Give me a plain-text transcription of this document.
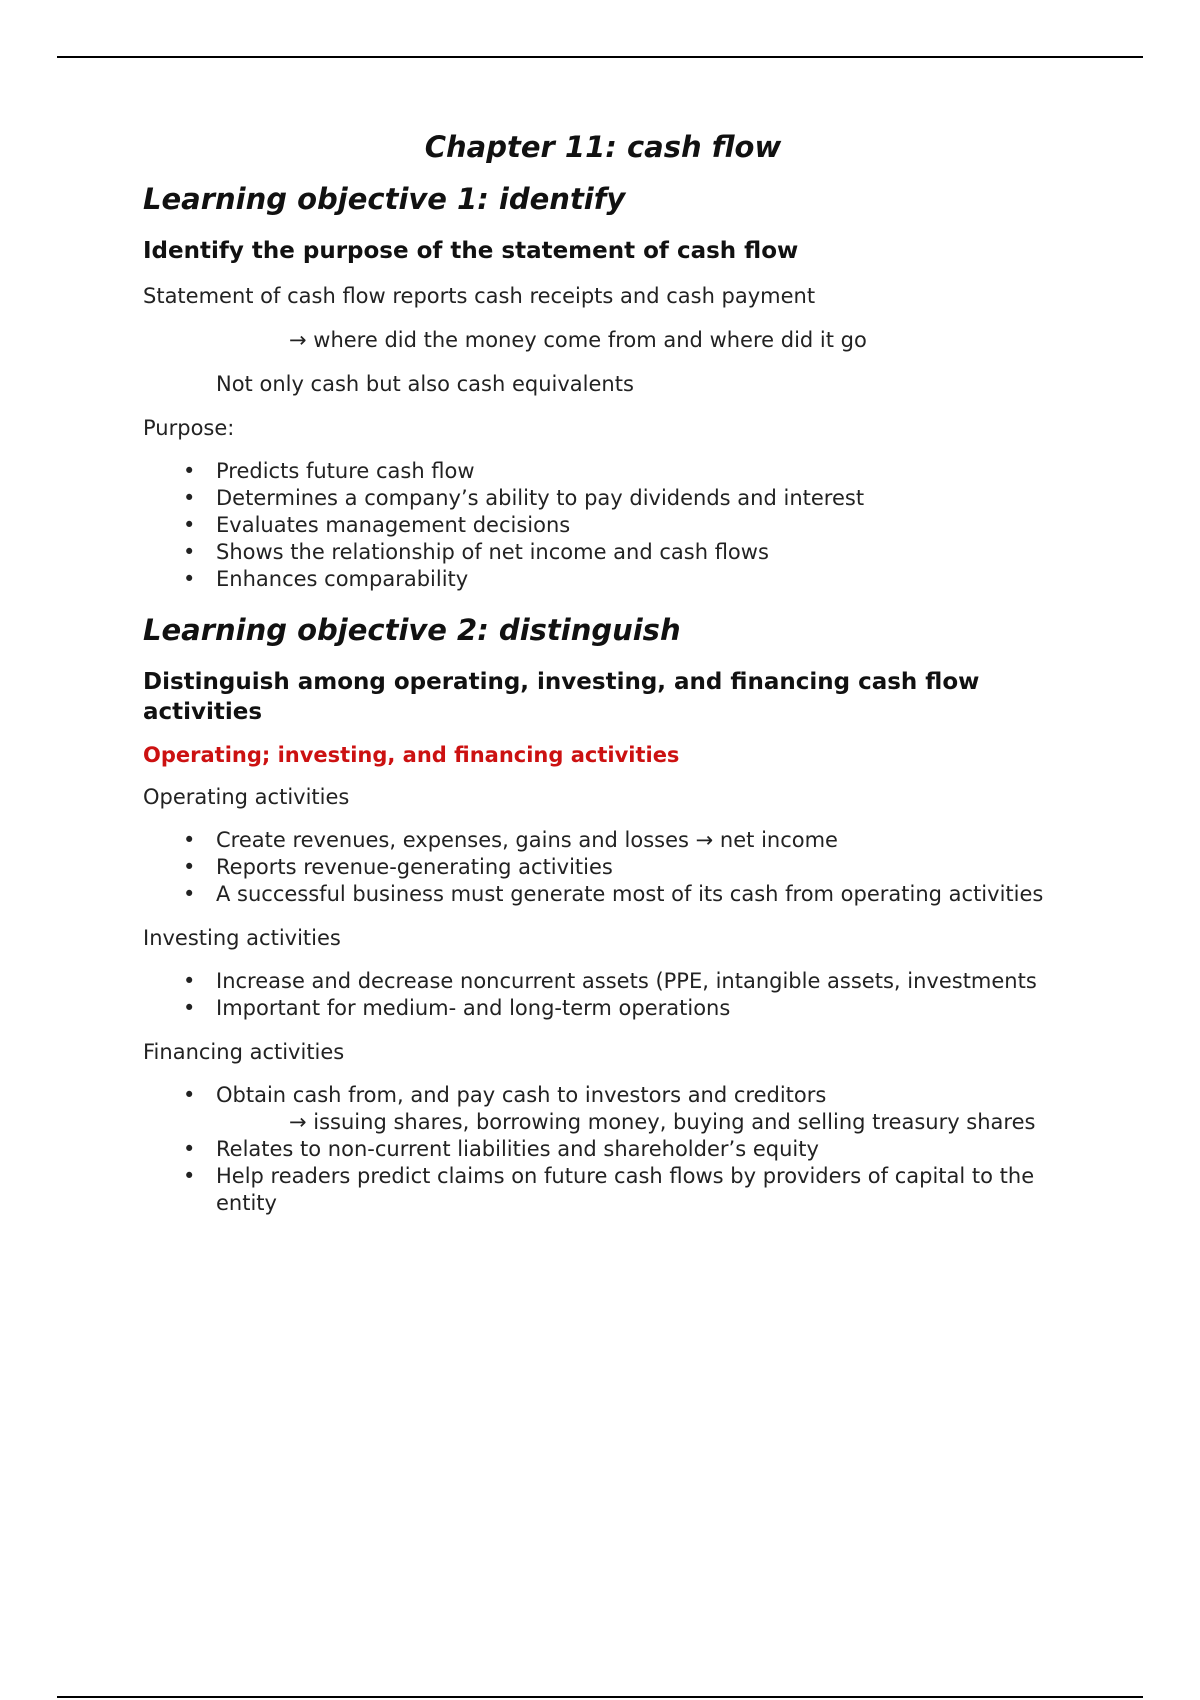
Chapter 11: cash flow
Learning objective 1: identify
Identify the purpose of the statement of cash flow

Statement of cash flow reports cash receipts and cash payment

→ where did the money come from and where did it go

Not only cash but also cash equivalents

Purpose:

• Predicts future cash flow
• Determines a company’s ability to pay dividends and interest
• Evaluates management decisions
• Shows the relationship of net income and cash flows
• Enhances comparability
Learning objective 2: distinguish
Distinguish among operating, investing, and financing cash flow activities
Operating; investing, and financing activities

Operating activities

• Create revenues, expenses, gains and losses → net income
• Reports revenue-generating activities
• A successful business must generate most of its cash from operating activities

Investing activities

• Increase and decrease noncurrent assets (PPE, intangible assets, investments
• Important for medium- and long-term operations

Financing activities

• Obtain cash from, and pay cash to investors and creditors
→ issuing shares, borrowing money, buying and selling treasury shares
• Relates to non-current liabilities and shareholder’s equity
• Help readers predict claims on future cash flows by providers of capital to the entity
